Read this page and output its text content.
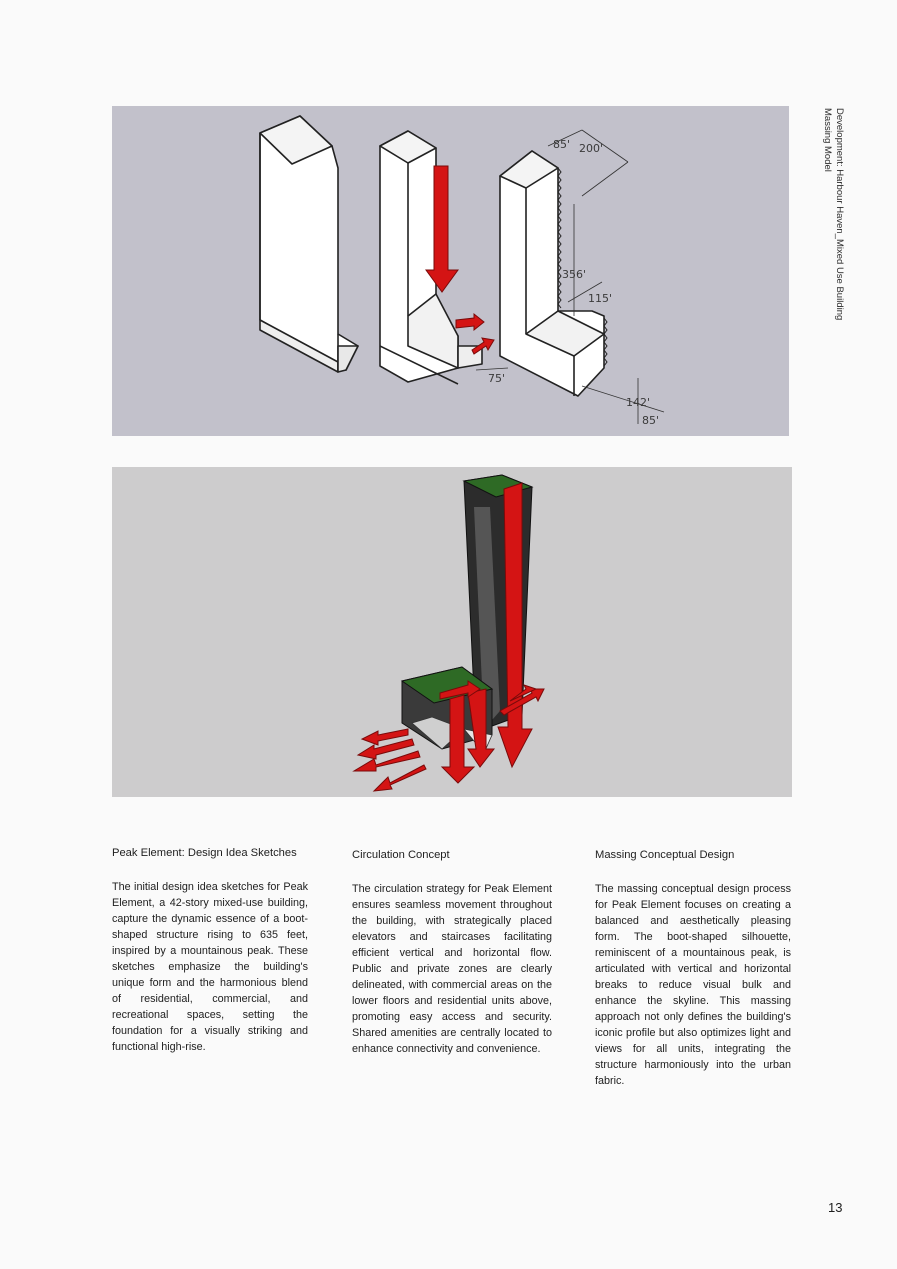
Development: Harbour Haven_Mixed Use Building Massing Model
85' 200'
356'
115'
75'
142'
85'
Peak Element: Design Idea Sketches

The initial design idea sketches for Peak Element, a 42-story mixed-use building, capture the dynamic essence of a boot-shaped structure rising to 635 feet, inspired by a mountainous peak. These sketches emphasize the building's unique form and the harmonious blend of residential, commercial, and recreational spaces, setting the foundation for a visually striking and functional high-rise.

Circulation Concept

The circulation strategy for Peak Element ensures seamless movement throughout the building, with strategically placed elevators and staircases facilitating efficient vertical and horizontal flow. Public and private zones are clearly delineated, with commercial areas on the lower floors and residential units above, promoting easy access and security. Shared amenities are centrally located to enhance connectivity and convenience.

Massing Conceptual Design

The massing conceptual design process for Peak Element focuses on creating a balanced and aesthetically pleasing form. The boot-shaped silhouette, reminiscent of a mountainous peak, is articulated with vertical and horizontal breaks to reduce visual bulk and enhance the skyline. This massing approach not only defines the building's iconic profile but also optimizes light and views for all units, integrating the structure harmoniously into the urban fabric.

13
